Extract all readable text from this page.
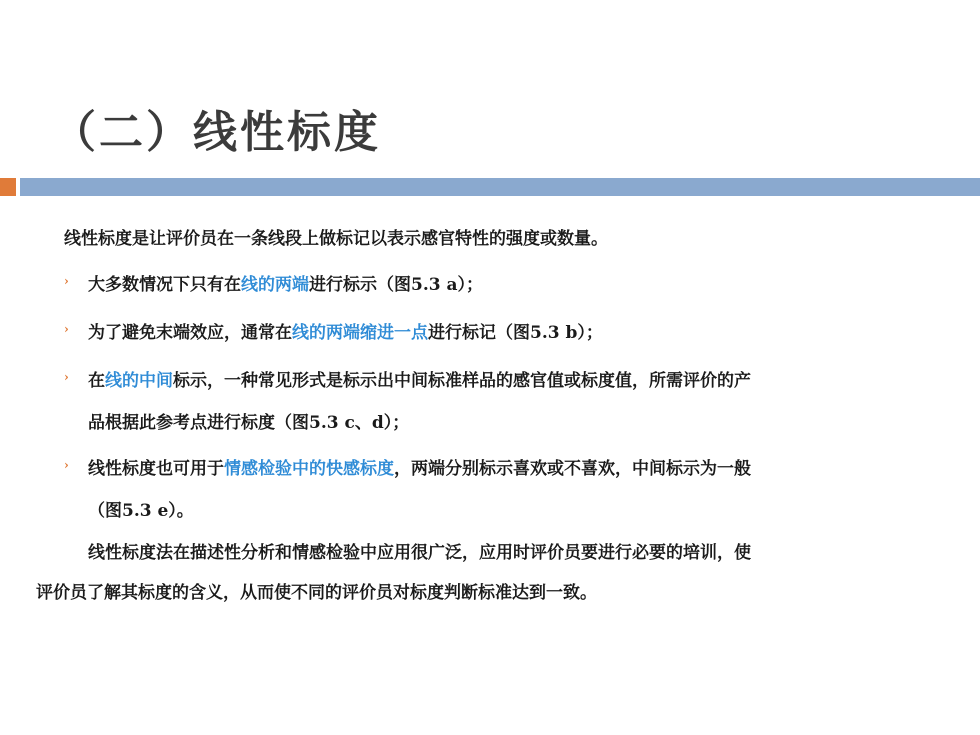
（二）线性标度
线性标度是让评价员在一条线段上做标记以表示感官特性的强度或数量。
› 大多数情况下只有在线的两端进行标示（图5.3 a）；
› 为了避免末端效应，通常在线的两端缩进一点进行标记（图5.3 b）；
› 在线的中间标示，一种常见形式是标示出中间标准样品的感官值或标度值，所需评价的产
品根据此参考点进行标度（图5.3 c、d）；
› 线性标度也可用于情感检验中的快感标度，两端分别标示喜欢或不喜欢，中间标示为一般
（图5.3 e）。
线性标度法在描述性分析和情感检验中应用很广泛，应用时评价员要进行必要的培训，使
评价员了解其标度的含义，从而使不同的评价员对标度判断标准达到一致。
